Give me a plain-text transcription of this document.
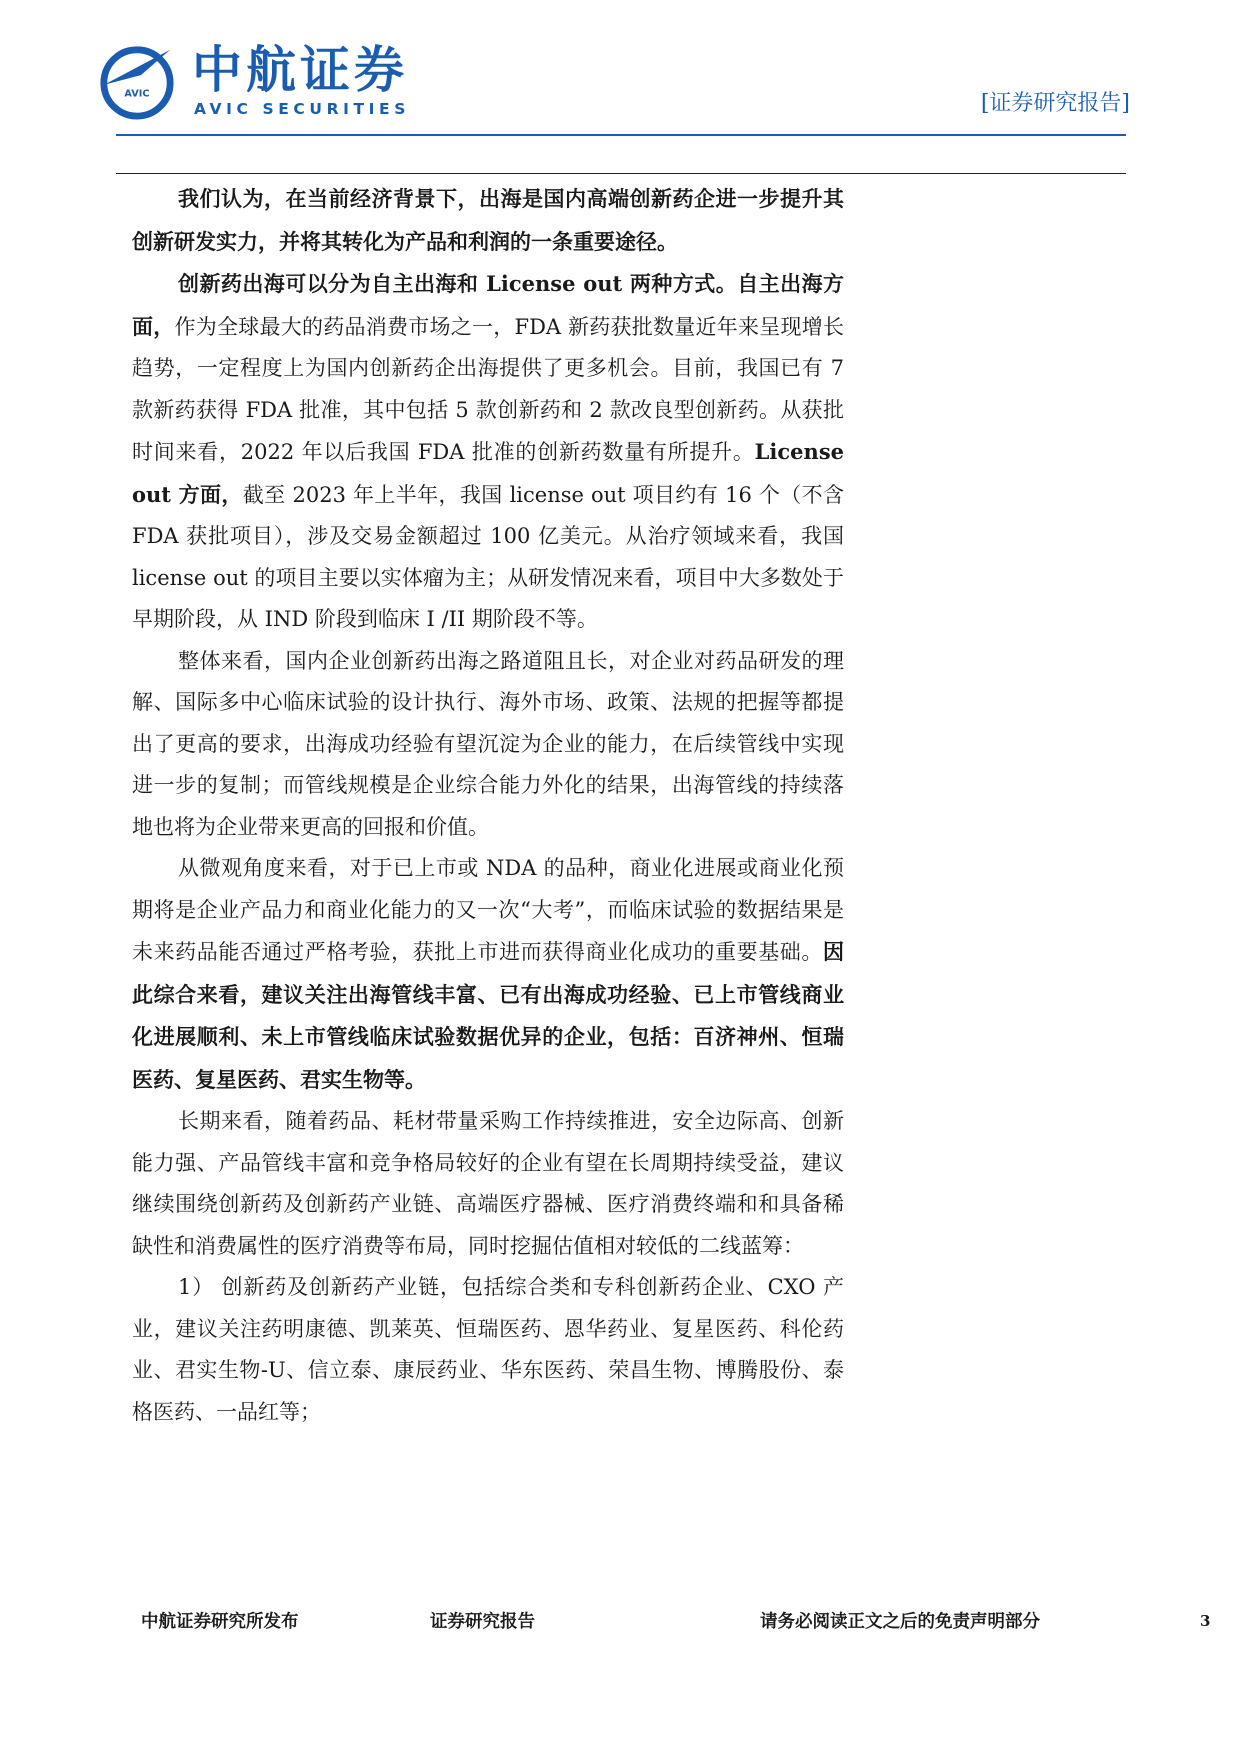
AVIC 中航证券
AVIC SECURITIES	[证券研究报告]

我们认为，在当前经济背景下，出海是国内高端创新药企进一步提升其创新研发实力，并将其转化为产品和利润的一条重要途径。

创新药出海可以分为自主出海和 License out 两种方式。自主出海方面，作为全球最大的药品消费市场之一，FDA 新药获批数量近年来呈现增长趋势，一定程度上为国内创新药企出海提供了更多机会。目前，我国已有 7 款新药获得 FDA 批准，其中包括 5 款创新药和 2 款改良型创新药。从获批时间来看，2022 年以后我国 FDA 批准的创新药数量有所提升。License out 方面，截至 2023 年上半年，我国 license out 项目约有 16 个（不含 FDA 获批项目），涉及交易金额超过 100 亿美元。从治疗领域来看，我国 license out 的项目主要以实体瘤为主；从研发情况来看，项目中大多数处于早期阶段，从 IND 阶段到临床 I /II 期阶段不等。

整体来看，国内企业创新药出海之路道阻且长，对企业对药品研发的理解、国际多中心临床试验的设计执行、海外市场、政策、法规的把握等都提出了更高的要求，出海成功经验有望沉淀为企业的能力，在后续管线中实现进一步的复制；而管线规模是企业综合能力外化的结果，出海管线的持续落地也将为企业带来更高的回报和价值。

从微观角度来看，对于已上市或 NDA 的品种，商业化进展或商业化预期将是企业产品力和商业化能力的又一次“大考”，而临床试验的数据结果是未来药品能否通过严格考验，获批上市进而获得商业化成功的重要基础。因此综合来看，建议关注出海管线丰富、已有出海成功经验、已上市管线商业化进展顺利、未上市管线临床试验数据优异的企业，包括：百济神州、恒瑞医药、复星医药、君实生物等。

长期来看，随着药品、耗材带量采购工作持续推进，安全边际高、创新能力强、产品管线丰富和竞争格局较好的企业有望在长周期持续受益，建议继续围绕创新药及创新药产业链、高端医疗器械、医疗消费终端和和具备稀缺性和消费属性的医疗消费等布局，同时挖掘估值相对较低的二线蓝筹：

1） 创新药及创新药产业链，包括综合类和专科创新药企业、CXO 产业，建议关注药明康德、凯莱英、恒瑞医药、恩华药业、复星医药、科伦药业、君实生物-U、信立泰、康辰药业、华东医药、荣昌生物、博腾股份、泰格医药、一品红等；

中航证券研究所发布	证券研究报告	请务必阅读正文之后的免责声明部分	3
